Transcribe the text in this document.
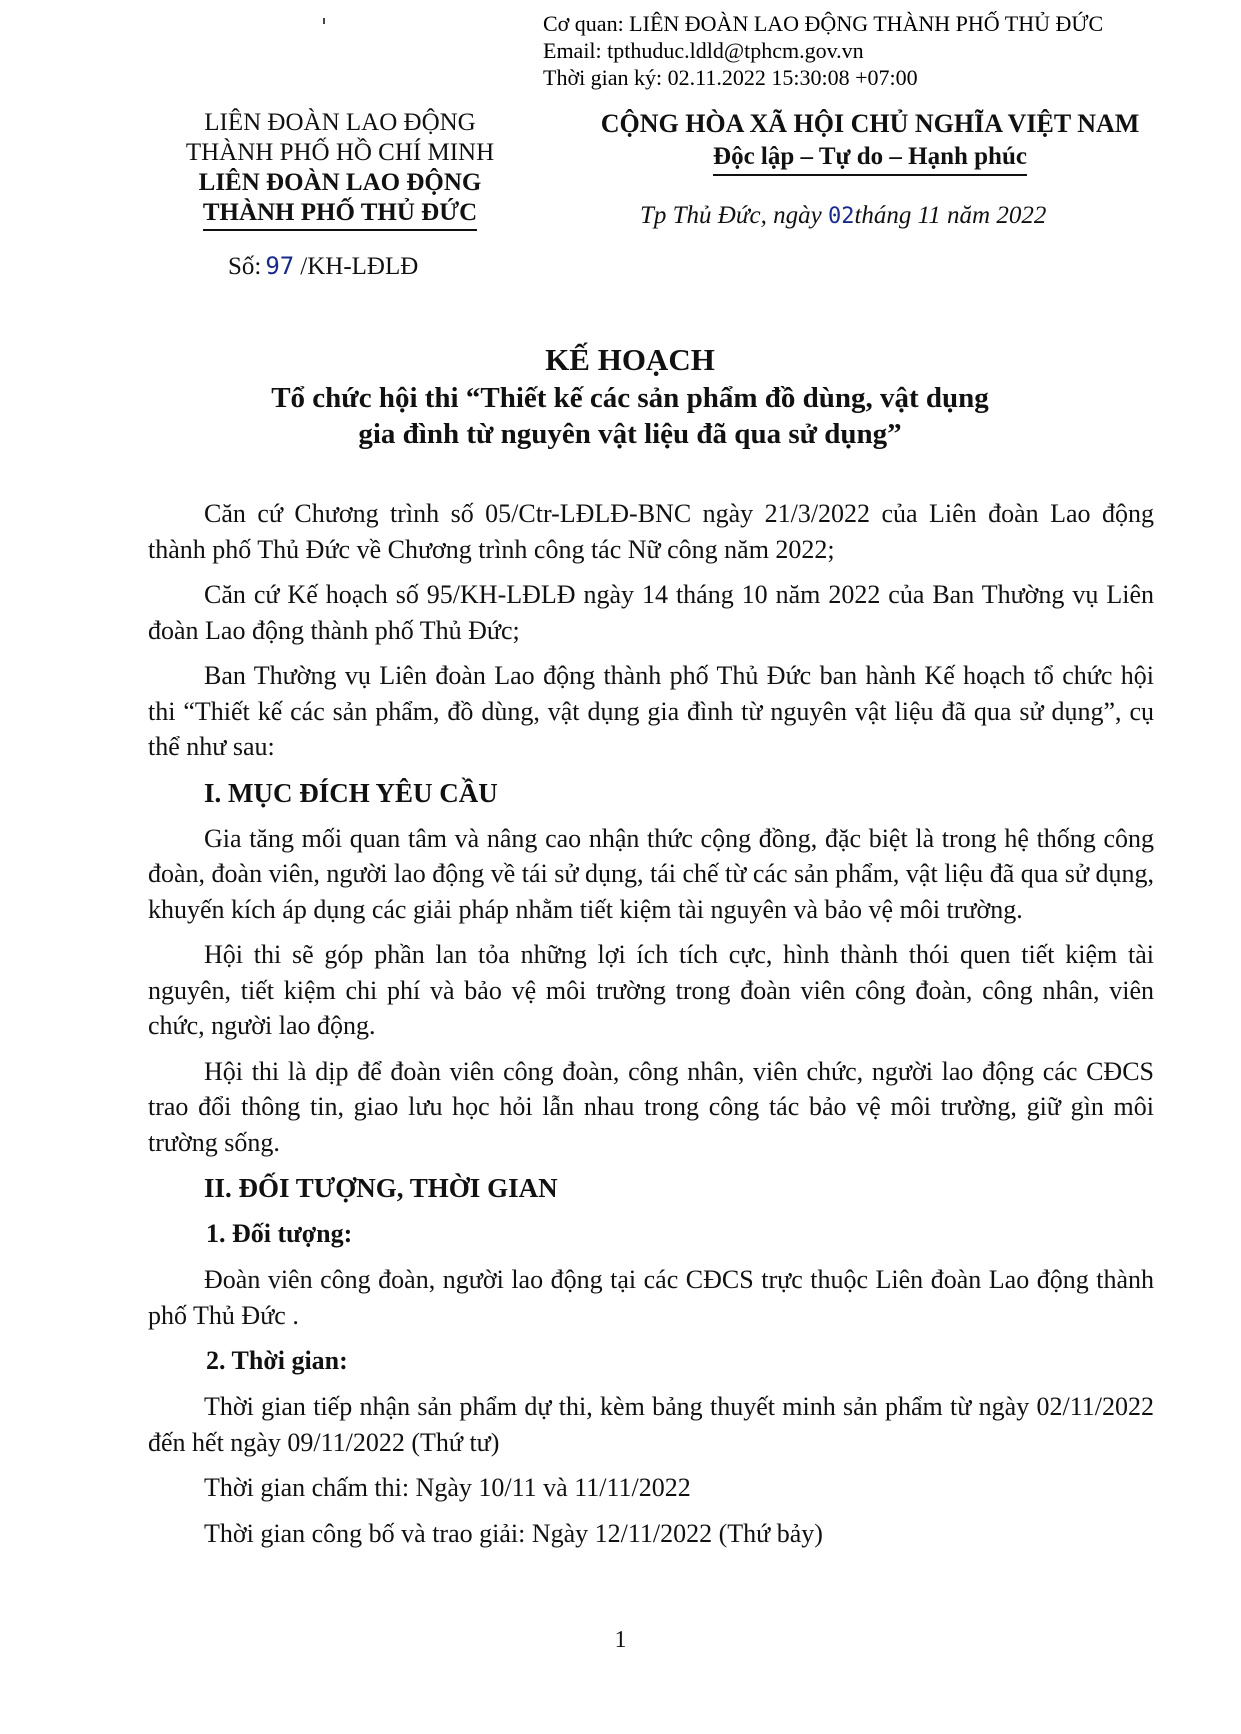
Cơ quan: LIÊN ĐOÀN LAO ĐỘNG THÀNH PHỐ THỦ ĐỨC
Email: tpthuduc.ldld@tphcm.gov.vn
Thời gian ký: 02.11.2022 15:30:08 +07:00
LIÊN ĐOÀN LAO ĐỘNG
THÀNH PHỐ HỒ CHÍ MINH
LIÊN ĐOÀN LAO ĐỘNG
THÀNH PHỐ THỦ ĐỨC
Số: 97 /KH-LĐLĐ
CỘNG HÒA XÃ HỘI CHỦ NGHĨA VIỆT NAM
Độc lập – Tự do – Hạnh phúc
Tp Thủ Đức, ngày 02tháng 11 năm 2022
KẾ HOẠCH
Tổ chức hội thi “Thiết kế các sản phẩm đồ dùng, vật dụng
gia đình từ nguyên vật liệu đã qua sử dụng”

Căn cứ Chương trình số 05/Ctr-LĐLĐ-BNC ngày 21/3/2022 của Liên đoàn Lao động thành phố Thủ Đức về Chương trình công tác Nữ công năm 2022;

Căn cứ Kế hoạch số 95/KH-LĐLĐ ngày 14 tháng 10 năm 2022 của Ban Thường vụ Liên đoàn Lao động thành phố Thủ Đức;

Ban Thường vụ Liên đoàn Lao động thành phố Thủ Đức ban hành Kế hoạch tổ chức hội thi “Thiết kế các sản phẩm, đồ dùng, vật dụng gia đình từ nguyên vật liệu đã qua sử dụng”, cụ thể như sau:

I. MỤC ĐÍCH YÊU CẦU

Gia tăng mối quan tâm và nâng cao nhận thức cộng đồng, đặc biệt là trong hệ thống công đoàn, đoàn viên, người lao động về tái sử dụng, tái chế từ các sản phẩm, vật liệu đã qua sử dụng, khuyến kích áp dụng các giải pháp nhằm tiết kiệm tài nguyên và bảo vệ môi trường.

Hội thi sẽ góp phần lan tỏa những lợi ích tích cực, hình thành thói quen tiết kiệm tài nguyên, tiết kiệm chi phí và bảo vệ môi trường trong đoàn viên công đoàn, công nhân, viên chức, người lao động.

Hội thi là dịp để đoàn viên công đoàn, công nhân, viên chức, người lao động các CĐCS trao đổi thông tin, giao lưu học hỏi lẫn nhau trong công tác bảo vệ môi trường, giữ gìn môi trường sống.

II. ĐỐI TƯỢNG, THỜI GIAN
1. Đối tượng:

Đoàn viên công đoàn, người lao động tại các CĐCS trực thuộc Liên đoàn Lao động thành phố Thủ Đức .

2. Thời gian:

Thời gian tiếp nhận sản phẩm dự thi, kèm bảng thuyết minh sản phẩm từ ngày 02/11/2022 đến hết ngày 09/11/2022 (Thứ tư)

Thời gian chấm thi: Ngày 10/11 và 11/11/2022

Thời gian công bố và trao giải: Ngày 12/11/2022 (Thứ bảy)

1
